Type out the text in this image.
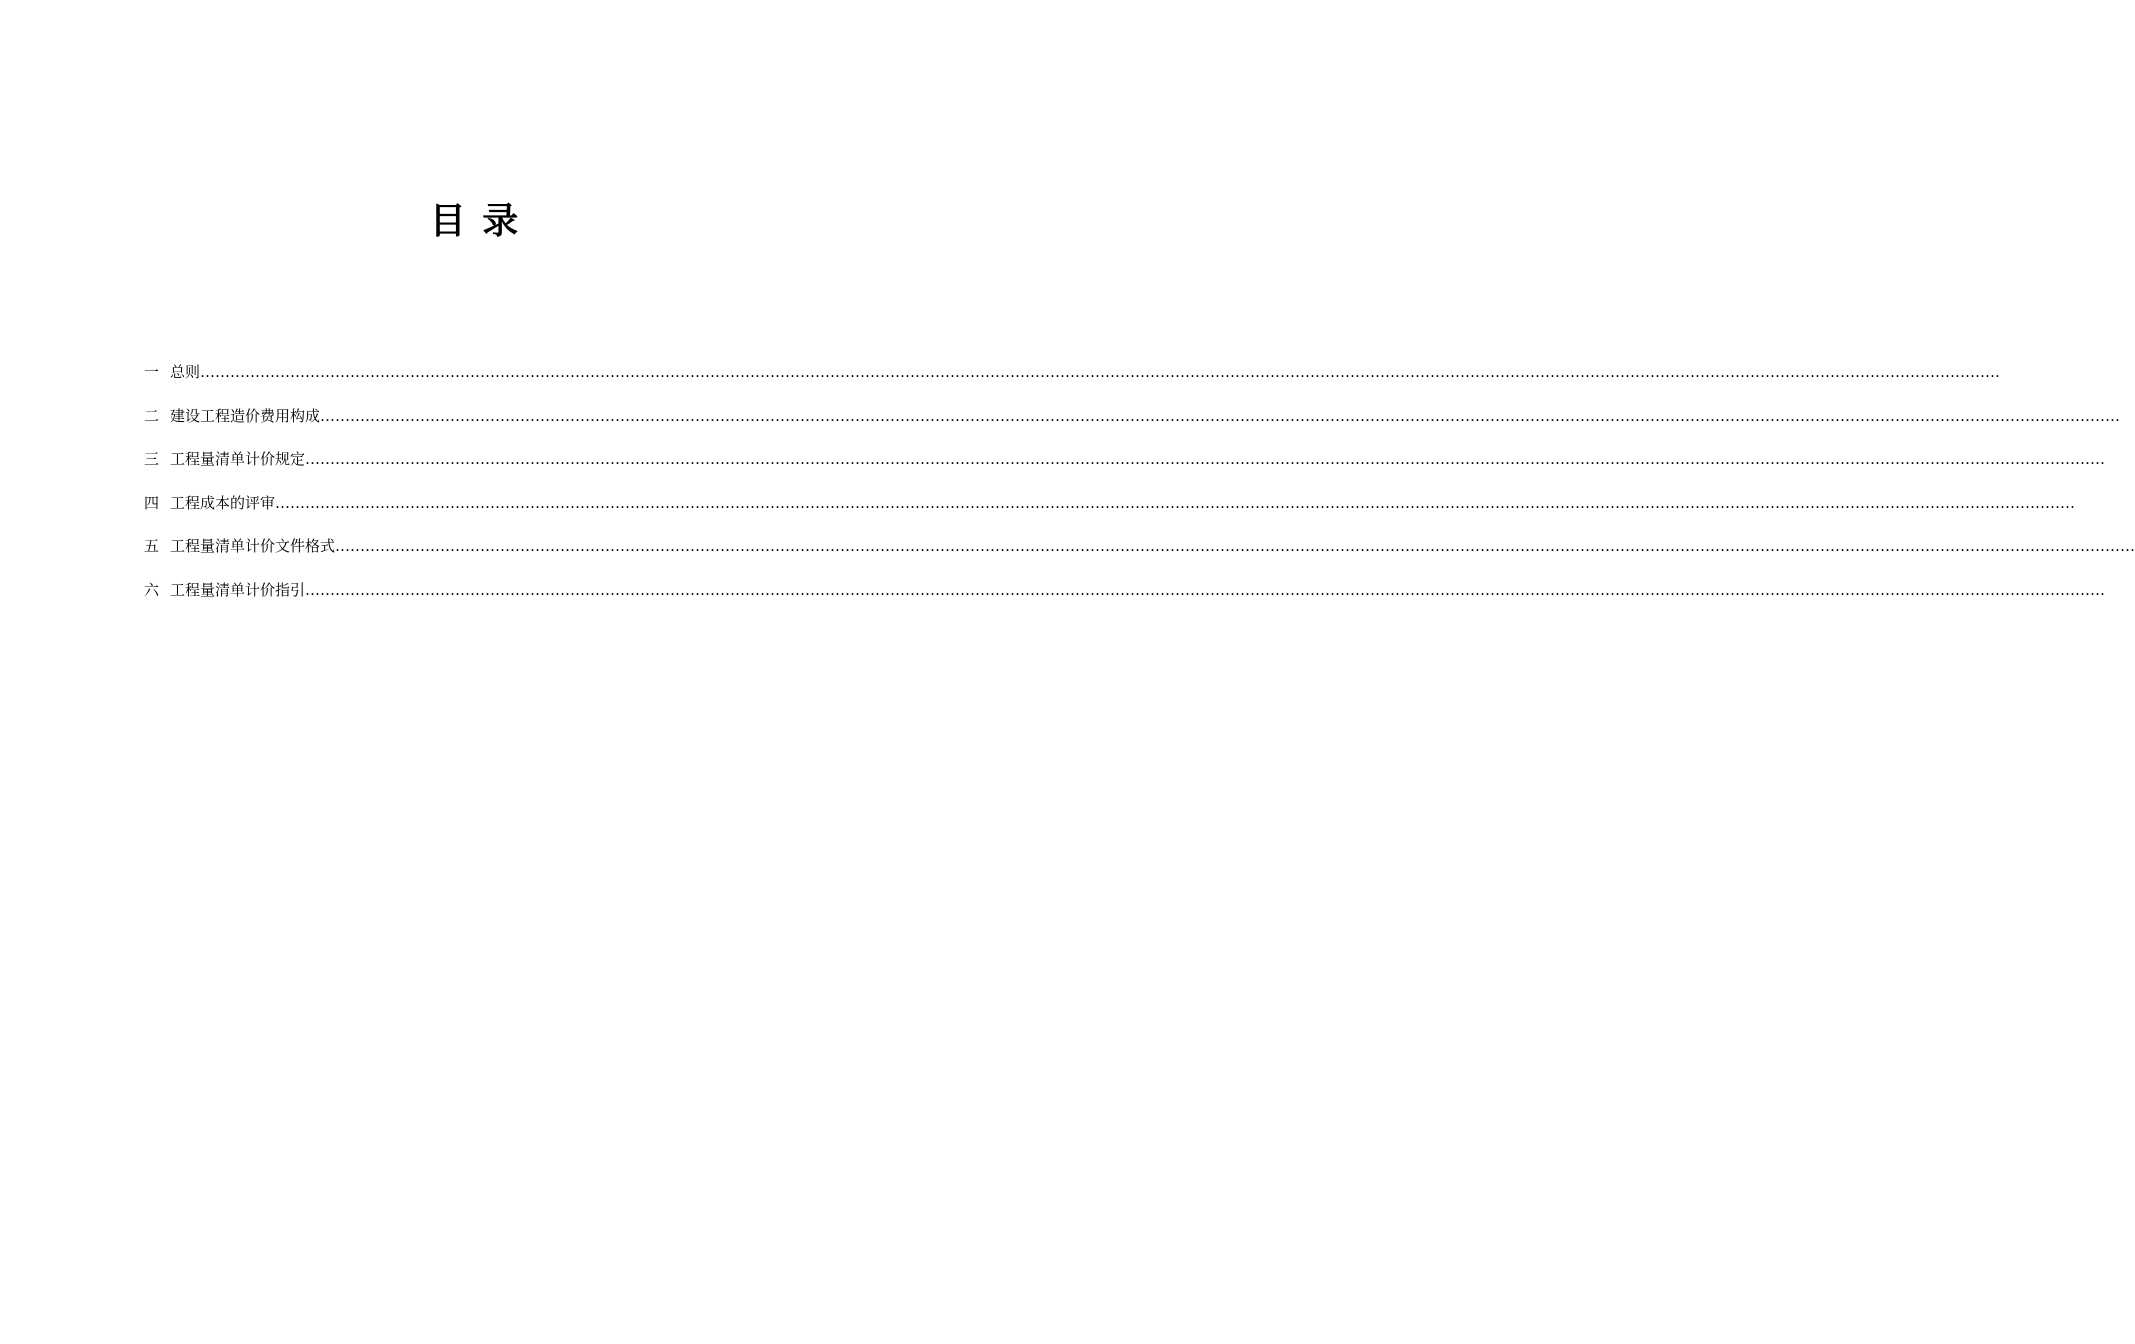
目 录
一 总则 ………………………………………………………………………………………………………………………………………………………………………………………………………………………………………………………………………………………………………………………………
二 建设工程造价费用构成 ………………………………………………………………………………………………………………………………………………………………………………………………………………………………………………………………………………………………………………………………
三 工程量清单计价规定 ………………………………………………………………………………………………………………………………………………………………………………………………………………………………………………………………………………………………………………………………
四 工程成本的评审 ………………………………………………………………………………………………………………………………………………………………………………………………………………………………………………………………………………………………………………………………
五 工程量清单计价文件格式 ………………………………………………………………………………………………………………………………………………………………………………………………………………………………………………………………………………………………………………………………
六 工程量清单计价指引 ………………………………………………………………………………………………………………………………………………………………………………………………………………………………………………………………………………………………………………………………
